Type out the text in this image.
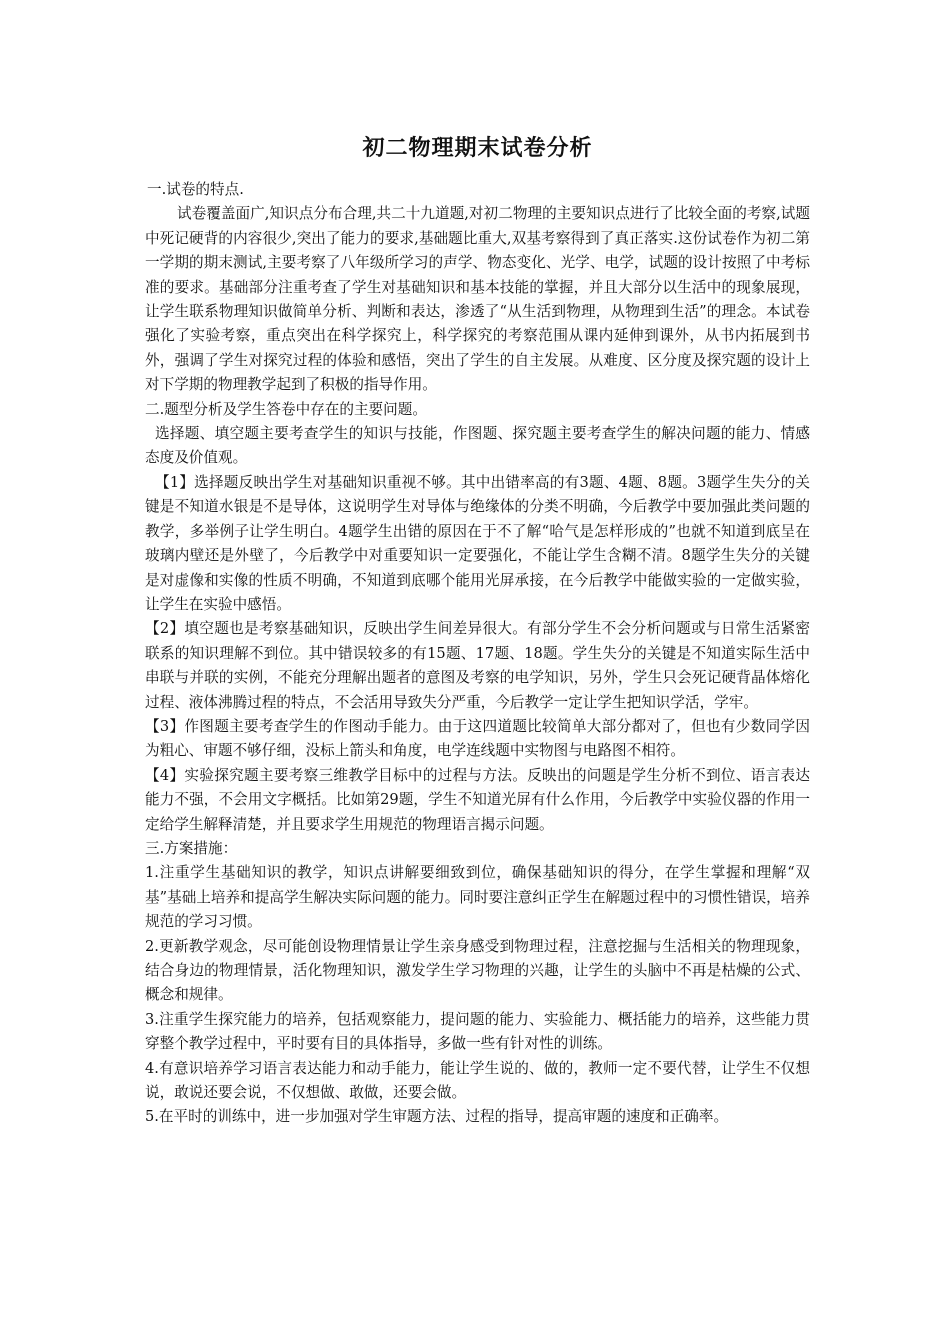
初二物理期末试卷分析

一.试卷的特点.

试卷覆盖面广,知识点分布合理,共二十九道题,对初二物理的主要知识点进行了比较全面的考察,试题中死记硬背的内容很少,突出了能力的要求,基础题比重大,双基考察得到了真正落实.这份试卷作为初二第一学期的期末测试,主要考察了八年级所学习的声学、物态变化、光学、电学，试题的设计按照了中考标准的要求。基础部分注重考查了学生对基础知识和基本技能的掌握，并且大部分以生活中的现象展现，让学生联系物理知识做简单分析、判断和表达，渗透了“从生活到物理，从物理到生活”的理念。本试卷强化了实验考察，重点突出在科学探究上，科学探究的考察范围从课内延伸到课外，从书内拓展到书外，强调了学生对探究过程的体验和感悟，突出了学生的自主发展。从难度、区分度及探究题的设计上对下学期的物理教学起到了积极的指导作用。

二.题型分析及学生答卷中存在的主要问题。

选择题、填空题主要考查学生的知识与技能，作图题、探究题主要考查学生的解决问题的能力、情感态度及价值观。

【1】选择题反映出学生对基础知识重视不够。其中出错率高的有3题、4题、8题。3题学生失分的关键是不知道水银是不是导体，这说明学生对导体与绝缘体的分类不明确，今后教学中要加强此类问题的教学，多举例子让学生明白。4题学生出错的原因在于不了解“哈气是怎样形成的”也就不知道到底呈在玻璃内壁还是外壁了，今后教学中对重要知识一定要强化，不能让学生含糊不清。8题学生失分的关键是对虚像和实像的性质不明确，不知道到底哪个能用光屏承接，在今后教学中能做实验的一定做实验，让学生在实验中感悟。

【2】填空题也是考察基础知识，反映出学生间差异很大。有部分学生不会分析问题或与日常生活紧密联系的知识理解不到位。其中错误较多的有15题、17题、18题。学生失分的关键是不知道实际生活中串联与并联的实例，不能充分理解出题者的意图及考察的电学知识，另外，学生只会死记硬背晶体熔化过程、液体沸腾过程的特点，不会活用导致失分严重，今后教学一定让学生把知识学活，学牢。

【3】作图题主要考查学生的作图动手能力。由于这四道题比较简单大部分都对了，但也有少数同学因为粗心、审题不够仔细，没标上箭头和角度，电学连线题中实物图与电路图不相符。

【4】实验探究题主要考察三维教学目标中的过程与方法。反映出的问题是学生分析不到位、语言表达能力不强，不会用文字概括。比如第29题，学生不知道光屏有什么作用，今后教学中实验仪器的作用一定给学生解释清楚，并且要求学生用规范的物理语言揭示问题。

三.方案措施：

1.注重学生基础知识的教学，知识点讲解要细致到位，确保基础知识的得分，在学生掌握和理解“双基”基础上培养和提高学生解决实际问题的能力。同时要注意纠正学生在解题过程中的习惯性错误，培养规范的学习习惯。

2.更新教学观念，尽可能创设物理情景让学生亲身感受到物理过程，注意挖掘与生活相关的物理现象，结合身边的物理情景，活化物理知识，激发学生学习物理的兴趣，让学生的头脑中不再是枯燥的公式、概念和规律。

3.注重学生探究能力的培养，包括观察能力，提问题的能力、实验能力、概括能力的培养，这些能力贯穿整个教学过程中，平时要有目的具体指导，多做一些有针对性的训练。

4.有意识培养学习语言表达能力和动手能力，能让学生说的、做的，教师一定不要代替，让学生不仅想说，敢说还要会说，不仅想做、敢做，还要会做。

5.在平时的训练中，进一步加强对学生审题方法、过程的指导，提高审题的速度和正确率。
